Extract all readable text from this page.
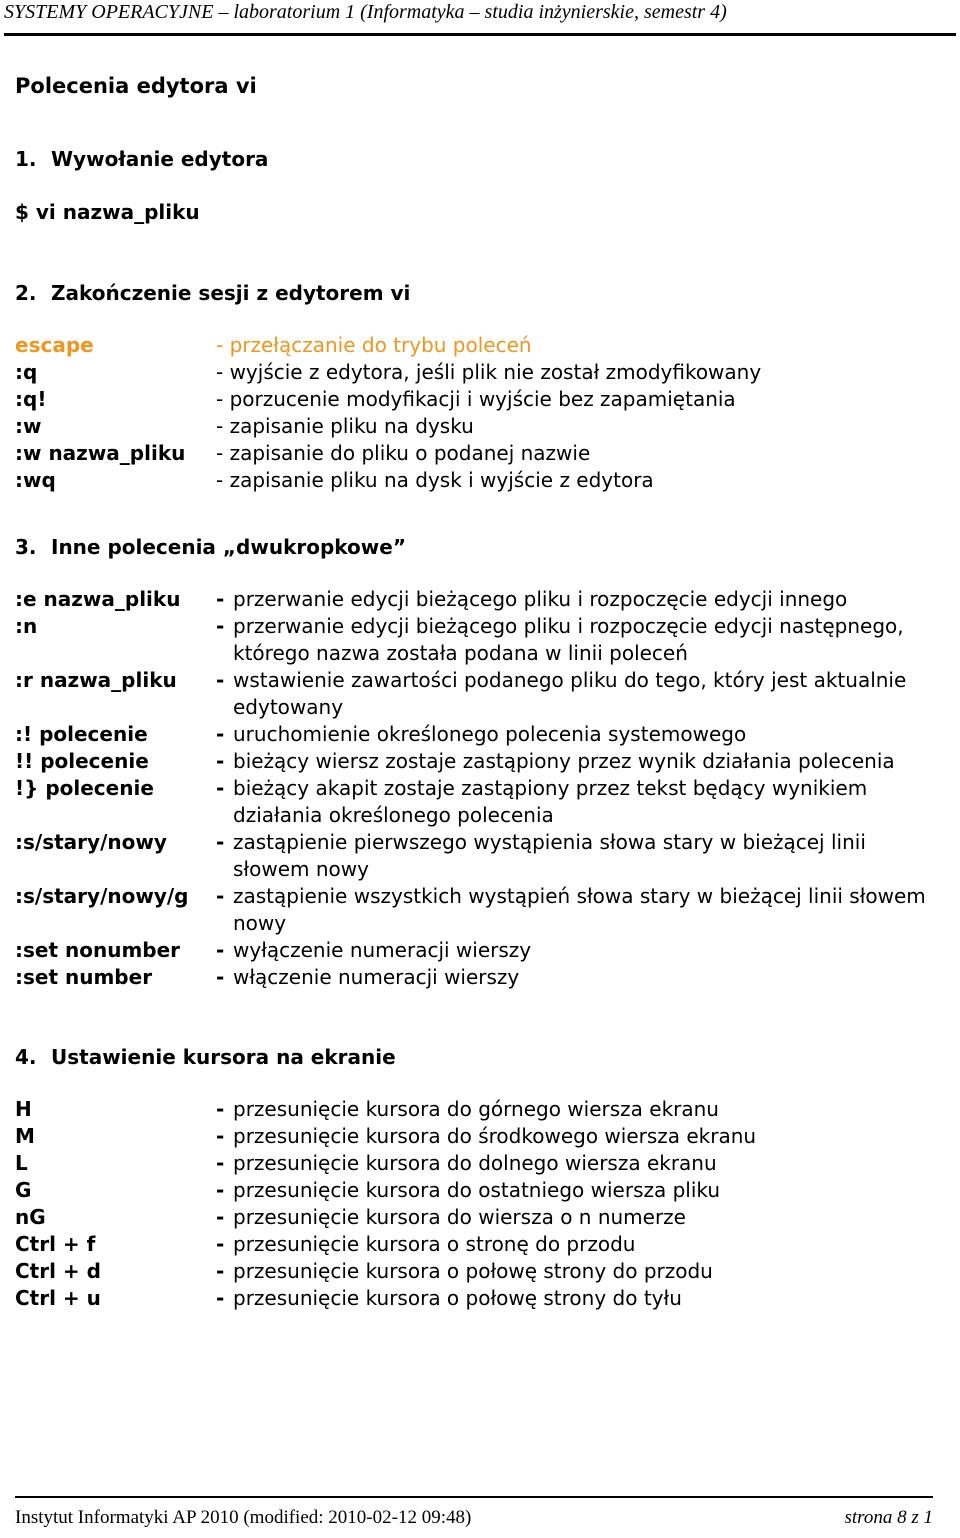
SYSTEMY OPERACYJNE – laboratorium 1 (Informatyka – studia inżynierskie, semestr 4)
Polecenia edytora vi
1. Wywołanie edytora
$ vi nazwa_pliku
2. Zakończenie sesji z edytorem vi
escape	- przełączanie do trybu poleceń
:q	- wyjście z edytora, jeśli plik nie został zmodyfikowany
:q!	- porzucenie modyfikacji i wyjście bez zapamiętania
:w	- zapisanie pliku na dysku
:w nazwa_pliku	- zapisanie do pliku o podanej nazwie
:wq	- zapisanie pliku na dysk i wyjście z edytora
3. Inne polecenia „dwukropkowe”
:e nazwa_pliku	- przerwanie edycji bieżącego pliku i rozpoczęcie edycji innego
:n	- przerwanie edycji bieżącego pliku i rozpoczęcie edycji następnego,
którego nazwa została podana w linii poleceń
:r nazwa_pliku	- wstawienie zawartości podanego pliku do tego, który jest aktualnie
edytowany
:! polecenie	- uruchomienie określonego polecenia systemowego
!! polecenie	- bieżący wiersz zostaje zastąpiony przez wynik działania polecenia
!} polecenie	- bieżący akapit zostaje zastąpiony przez tekst będący wynikiem
działania określonego polecenia
:s/stary/nowy	- zastąpienie pierwszego wystąpienia słowa stary w bieżącej linii
słowem nowy
:s/stary/nowy/g	- zastąpienie wszystkich wystąpień słowa stary w bieżącej linii słowem
nowy
:set nonumber	- wyłączenie numeracji wierszy
:set number	- włączenie numeracji wierszy
4. Ustawienie kursora na ekranie
H	- przesunięcie kursora do górnego wiersza ekranu
M	- przesunięcie kursora do środkowego wiersza ekranu
L	- przesunięcie kursora do dolnego wiersza ekranu
G	- przesunięcie kursora do ostatniego wiersza pliku
nG	- przesunięcie kursora do wiersza o n numerze
Ctrl + f	- przesunięcie kursora o stronę do przodu
Ctrl + d	- przesunięcie kursora o połowę strony do przodu
Ctrl + u	- przesunięcie kursora o połowę strony do tyłu
Instytut Informatyki AP 2010 (modified: 2010-02-12 09:48)	strona 8 z 1
